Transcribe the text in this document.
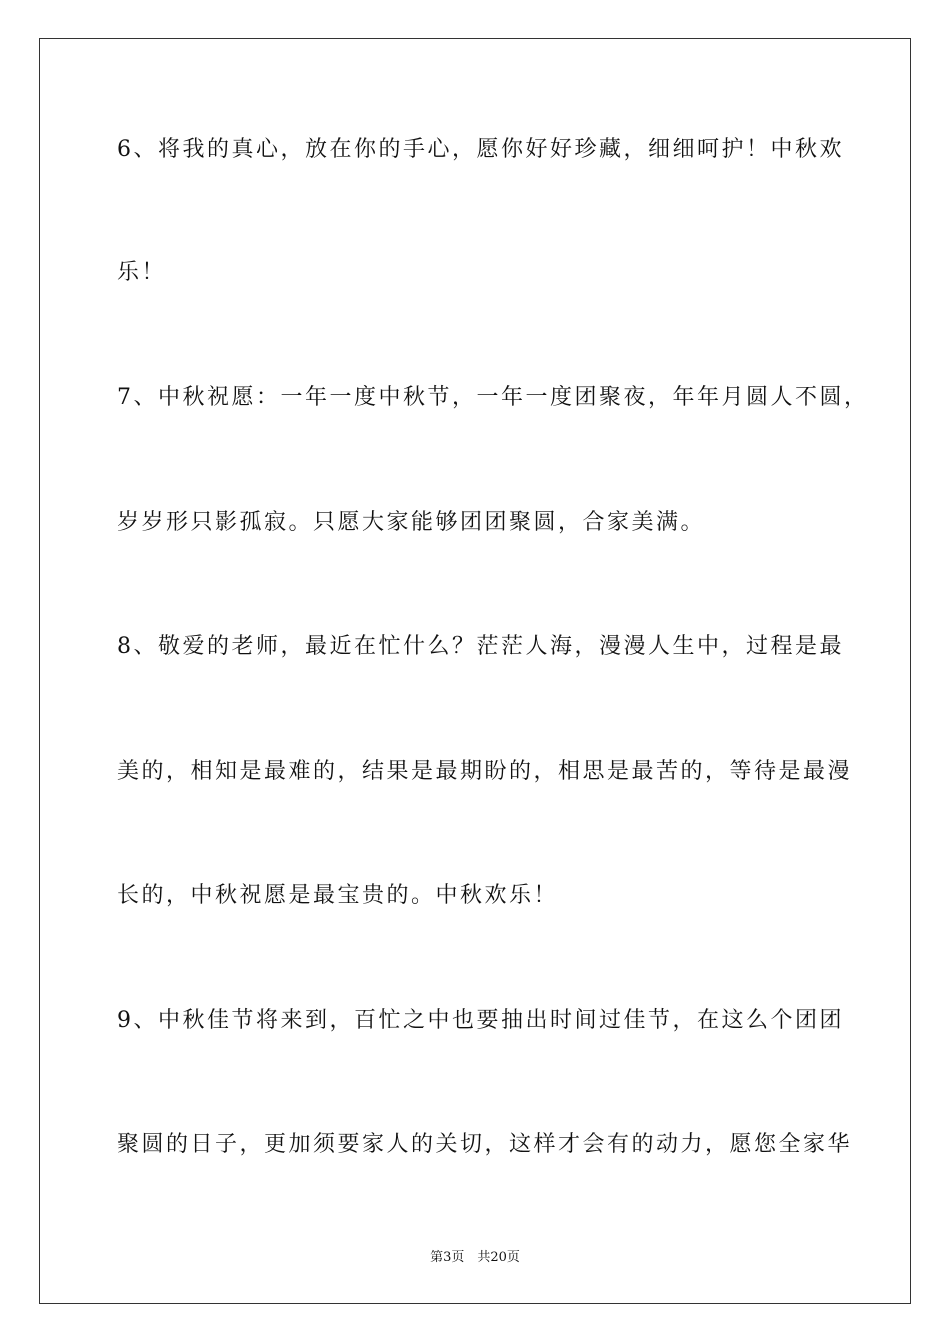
6、将我的真心，放在你的手心，愿你好好珍藏，细细呵护！中秋欢
乐！
7、中秋祝愿：一年一度中秋节，一年一度团聚夜，年年月圆人不圆，
岁岁形只影孤寂。只愿大家能够团团聚圆，合家美满。
8、敬爱的老师，最近在忙什么？茫茫人海，漫漫人生中，过程是最
美的，相知是最难的，结果是最期盼的，相思是最苦的，等待是最漫
长的，中秋祝愿是最宝贵的。中秋欢乐！
9、中秋佳节将来到，百忙之中也要抽出时间过佳节，在这么个团团
聚圆的日子，更加须要家人的关切，这样才会有的动力，愿您全家华
第3页　共20页
